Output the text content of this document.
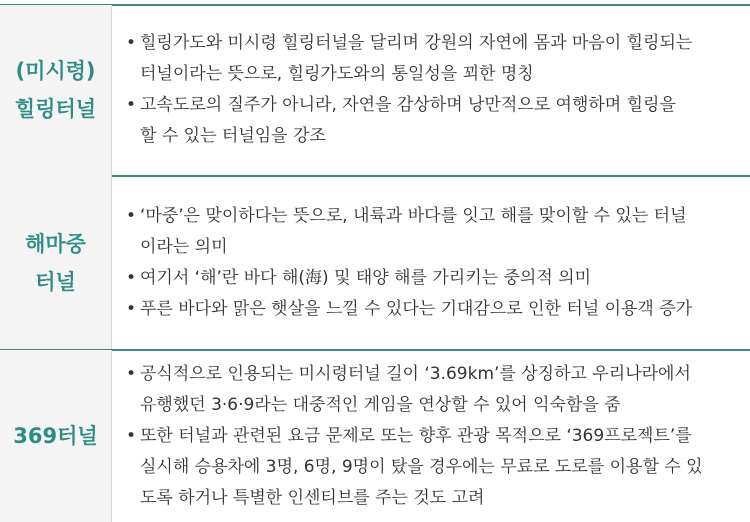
(미시령)
힐링터널
• 힐링가도와 미시령 힐링터널을 달리며 강원의 자연에 몸과 마음이 힐링되는
터널이라는 뜻으로, 힐링가도와의 통일성을 꾀한 명칭
• 고속도로의 질주가 아니라, 자연을 감상하며 낭만적으로 여행하며 힐링을
할 수 있는 터널임을 강조
해마중
터널
• ‘마중’은 맞이하다는 뜻으로, 내륙과 바다를 잇고 해를 맞이할 수 있는 터널
이라는 의미
• 여기서 ‘해’란 바다 해(海) 및 태양 해를 가리키는 중의적 의미
• 푸른 바다와 맑은 햇살을 느낄 수 있다는 기대감으로 인한 터널 이용객 증가
369터널
• 공식적으로 인용되는 미시령터널 길이 ‘3.69km’를 상징하고 우리나라에서
유행했던 3·6·9라는 대중적인 게임을 연상할 수 있어 익숙함을 줌
• 또한 터널과 관련된 요금 문제로 또는 향후 관광 목적으로 ‘369프로젝트’를
실시해 승용차에 3명, 6명, 9명이 탔을 경우에는 무료로 도로를 이용할 수 있
도록 하거나 특별한 인센티브를 주는 것도 고려
